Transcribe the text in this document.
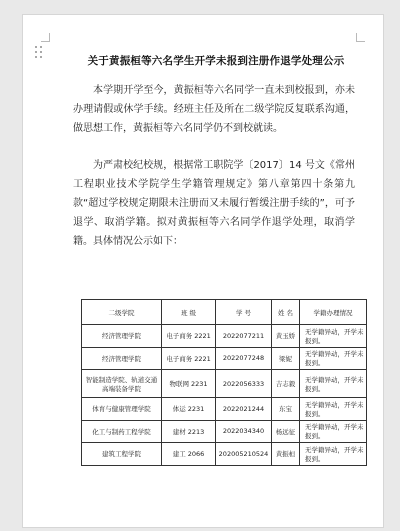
关于黄振桓等六名学生开学未报到注册作退学处理公示
本学期开学至今，黄振桓等六名同学一直未到校报到，亦未办理请假或休学手续。经班主任及所在二级学院反复联系沟通，做思想工作，黄振桓等六名同学仍不到校就读。
为严肃校纪校规，根据常工职院学〔2017〕14 号文《常州工程职业技术学院学生学籍管理规定》第八章第四十条第九款“超过学校规定期限未注册而又未履行暂缓注册手续的”，可予退学、取消学籍。拟对黄振桓等六名同学作退学处理，取消学籍。具体情况公示如下：
二级学院	班 级	学 号	姓 名	学籍办理情况
经济管理学院	电子商务 2221	2022077211	黄玉娇	无学籍异动，开学未报到。
经济管理学院	电子商务 2221	2022077248	梁妮	无学籍异动，开学未报到。
智能制造学院、轨道交通高端装备学院	物联网 2231	2022056333	吉志毅	无学籍异动，开学未报到。
体育与健康管理学院	体运 2231	2022021244	东宝	无学籍异动，开学未报到。
化工与制药工程学院	建材 2213	2022034340	杨远征	无学籍异动，开学未报到。
建筑工程学院	建工 2066	202005210524	黄振桓	无学籍异动，开学未报到。
